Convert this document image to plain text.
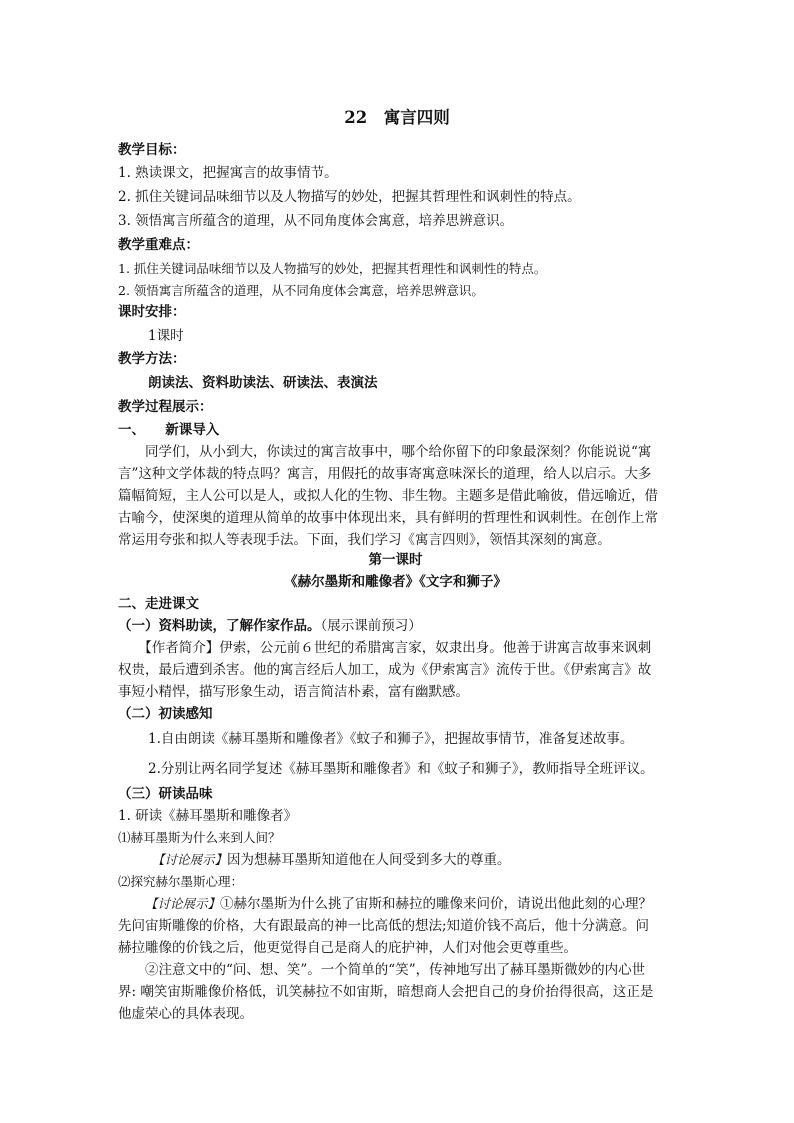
22　寓言四则
教学目标：
1. 熟读课文，把握寓言的故事情节。
2. 抓住关键词品味细节以及人物描写的妙处，把握其哲理性和讽刺性的特点。
3. 领悟寓言所蕴含的道理，从不同角度体会寓意，培养思辨意识。
教学重难点：
1. 抓住关键词品味细节以及人物描写的妙处，把握其哲理性和讽刺性的特点。
2. 领悟寓言所蕴含的道理，从不同角度体会寓意，培养思辨意识。
课时安排：
1课时
教学方法：
朗读法、资料助读法、研读法、表演法
教学过程展示：
一、　　新课导入
　　同学们，从小到大，你读过的寓言故事中，哪个给你留下的印象最深刻？你能说说“寓
言”这种文学体裁的特点吗？寓言，用假托的故事寄寓意味深长的道理，给人以启示。大多
篇幅简短，主人公可以是人，或拟人化的生物、非生物。主题多是借此喻彼，借远喻近，借
古喻今，使深奥的道理从简单的故事中体现出来，具有鲜明的哲理性和讽刺性。在创作上常
常运用夸张和拟人等表现手法。下面，我们学习《寓言四则》，领悟其深刻的寓意。
第一课时
《赫尔墨斯和雕像者》《文字和狮子》
二、走进课文
（一）资料助读，了解作家作品。（展示课前预习）
　　【作者简介】伊索，公元前６世纪的希腊寓言家，奴隶出身。他善于讲寓言故事来讽刺
权贵，最后遭到杀害。他的寓言经后人加工，成为《伊索寓言》流传于世。《伊索寓言》故
事短小精悍，描写形象生动，语言简洁朴素，富有幽默感。
（二）初读感知
1.自由朗读《赫耳墨斯和雕像者》《蚊子和狮子》，把握故事情节，准备复述故事。
2.分别让两名同学复述《赫耳墨斯和雕像者》和《蚊子和狮子》，教师指导全班评议。
（三）研读品味
1. 研读《赫耳墨斯和雕像者》
⑴赫耳墨斯为什么来到人间？
【讨论展示】因为想赫耳墨斯知道他在人间受到多大的尊重。
⑵探究赫尔墨斯心理：
【讨论展示】①赫尔墨斯为什么挑了宙斯和赫拉的雕像来问价，请说出他此刻的心理？
先问宙斯雕像的价格，大有跟最高的神一比高低的想法;知道价钱不高后，他十分满意。问
赫拉雕像的价钱之后，他更觉得自己是商人的庇护神，人们对他会更尊重些。
　　②注意文中的“问、想、笑”。一个简单的“笑”，传神地写出了赫耳墨斯微妙的内心世
界: 嘲笑宙斯雕像价格低，讥笑赫拉不如宙斯，暗想商人会把自己的身价抬得很高，这正是
他虚荣心的具体表现。
